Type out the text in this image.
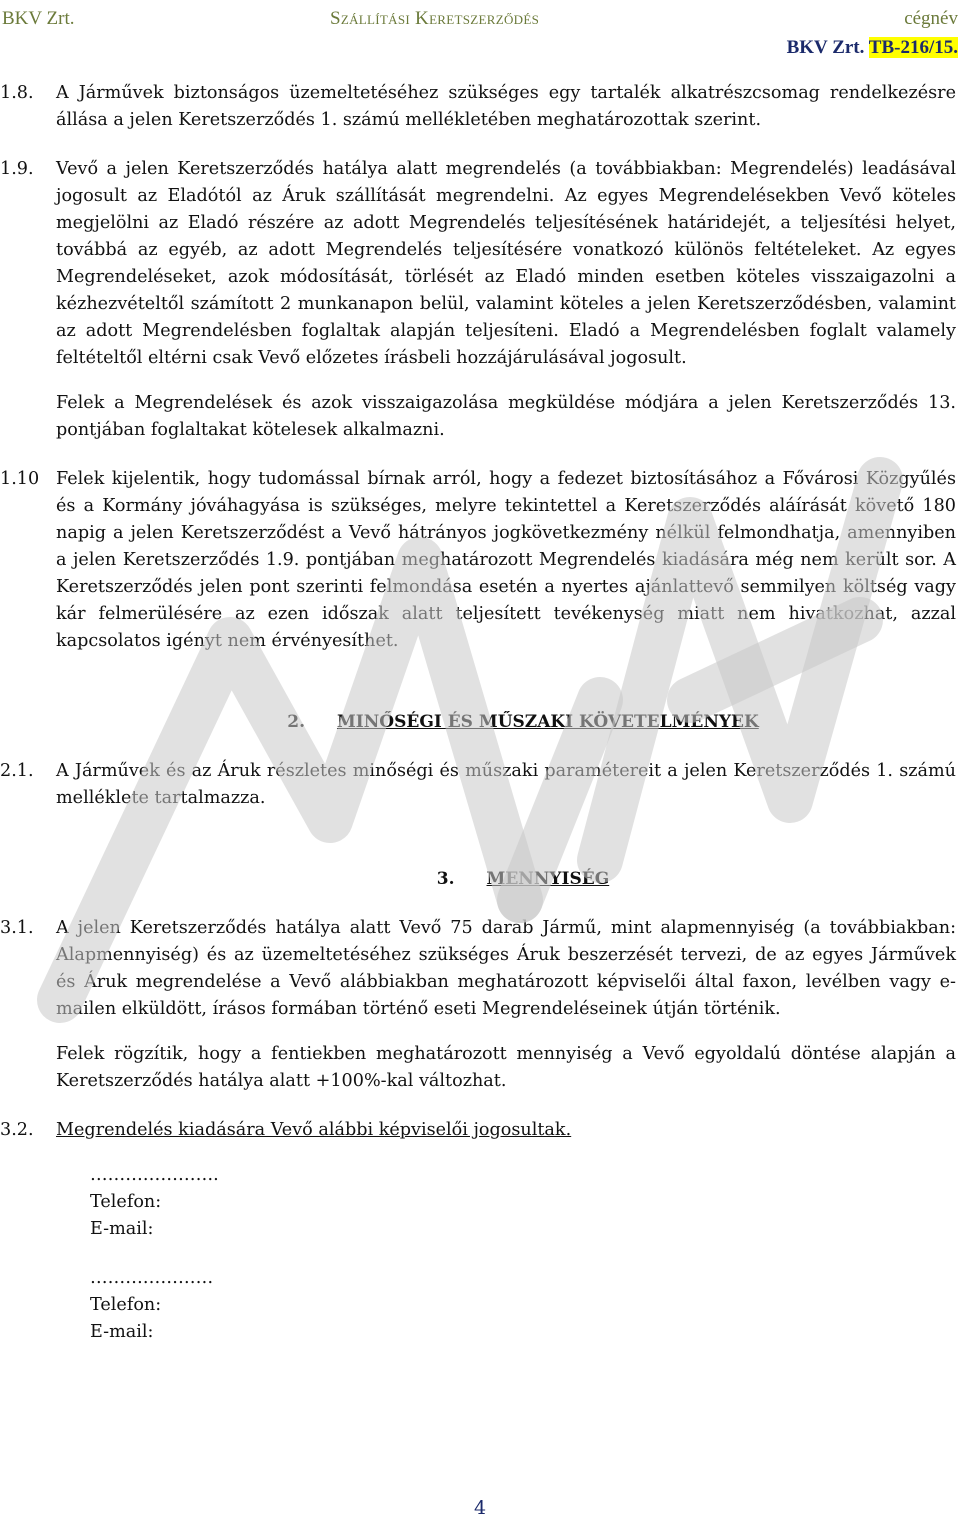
BKV Zrt.	Szállítási Keretszerződés	cégnév
BKV Zrt. TB-216/15.
1.8.	A Járművek biztonságos üzemeltetéséhez szükséges egy tartalék alkatrészcsomag rendelkezésre állása a jelen Keretszerződés 1. számú mellékletében meghatározottak szerint.
1.9.	Vevő a jelen Keretszerződés hatálya alatt megrendelés (a továbbiakban: Megrendelés) leadásával jogosult az Eladótól az Áruk szállítását megrendelni. Az egyes Megrendelésekben Vevő köteles megjelölni az Eladó részére az adott Megrendelés teljesítésének határidejét, a teljesítési helyet, továbbá az egyéb, az adott Megrendelés teljesítésére vonatkozó különös feltételeket. Az egyes Megrendeléseket, azok módosítását, törlését az Eladó minden esetben köteles visszaigazolni a kézhezvételtől számított 2 munkanapon belül, valamint köteles a jelen Keretszerződésben, valamint az adott Megrendelésben foglaltak alapján teljesíteni. Eladó a Megrendelésben foglalt valamely feltételtől eltérni csak Vevő előzetes írásbeli hozzájárulásával jogosult.
Felek a Megrendelések és azok visszaigazolása megküldése módjára a jelen Keretszerződés 13. pontjában foglaltakat kötelesek alkalmazni.
1.10 Felek kijelentik, hogy tudomással bírnak arról, hogy a fedezet biztosításához a Fővárosi Közgyűlés és a Kormány jóváhagyása is szükséges, melyre tekintettel a Keretszerződés aláírását követő 180 napig a jelen Keretszerződést a Vevő hátrányos jogkövetkezmény nélkül felmondhatja, amennyiben a jelen Keretszerződés 1.9. pontjában meghatározott Megrendelés kiadására még nem került sor. A Keretszerződés jelen pont szerinti felmondása esetén a nyertes ajánlattevő semmilyen költség vagy kár felmerülésére az ezen időszak alatt teljesített tevékenység miatt nem hivatkozhat, azzal kapcsolatos igényt nem érvényesíthet.
2. MINŐSÉGI ÉS MŰSZAKI KÖVETELMÉNYEK
2.1.	A Járművek és az Áruk részletes minőségi és műszaki paramétereit a jelen Keretszerződés 1. számú melléklete tartalmazza.
3. MENNYISÉG
3.1.	A jelen Keretszerződés hatálya alatt Vevő 75 darab Jármű, mint alapmennyiség (a továbbiakban: Alapmennyiség) és az üzemeltetéséhez szükséges Áruk beszerzését tervezi, de az egyes Járművek és Áruk megrendelése a Vevő alábbiakban meghatározott képviselői által faxon, levélben vagy e-mailen elküldött, írásos formában történő eseti Megrendeléseinek útján történik.
Felek rögzítik, hogy a fentiekben meghatározott mennyiség a Vevő egyoldalú döntése alapján a Keretszerződés hatálya alatt +100%-kal változhat.
3.2.	Megrendelés kiadására Vevő alábbi képviselői jogosultak.
………………….
Telefon:
E-mail:
…………………
Telefon:
E-mail:
4
